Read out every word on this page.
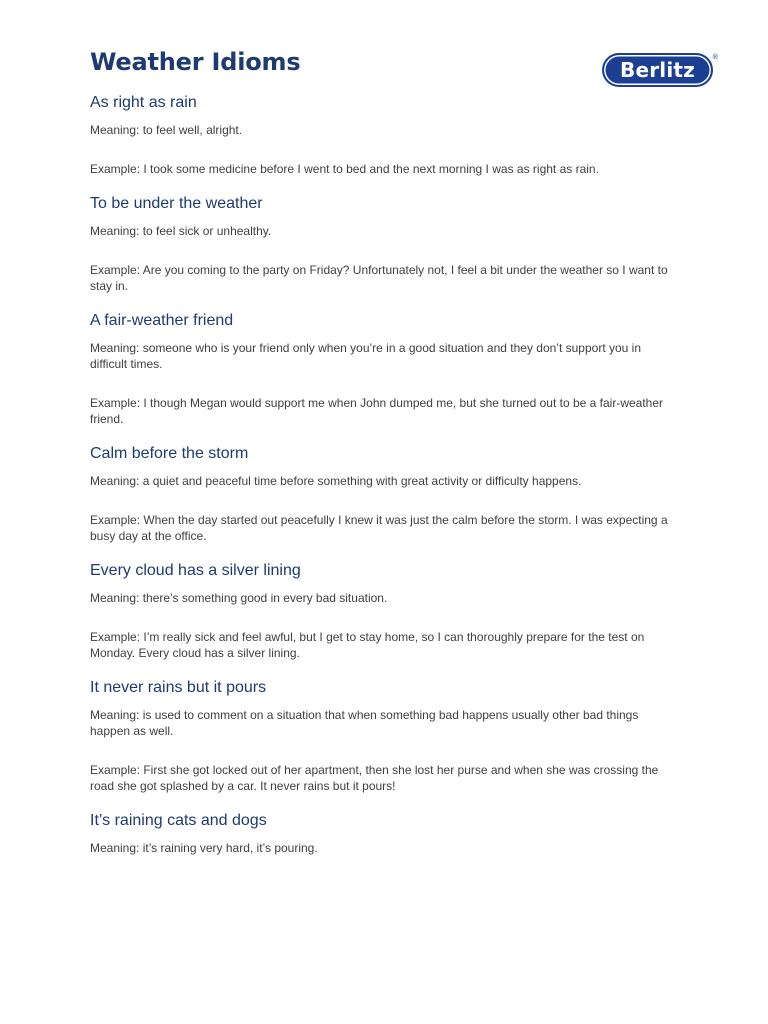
Weather Idioms	Berlitz
®
As right as rain

Meaning: to feel well, alright.

Example: I took some medicine before I went to bed and the next morning I was as right as rain.

To be under the weather

Meaning: to feel sick or unhealthy.

Example: Are you coming to the party on Friday? Unfortunately not, I feel a bit under the weather so I want to stay in.

A fair-weather friend

Meaning: someone who is your friend only when you’re in a good situation and they don’t support you in difficult times.

Example: I though Megan would support me when John dumped me, but she turned out to be a fair-weather friend.

Calm before the storm

Meaning: a quiet and peaceful time before something with great activity or difficulty happens.

Example: When the day started out peacefully I knew it was just the calm before the storm. I was expecting a busy day at the office.

Every cloud has a silver lining

Meaning: there’s something good in every bad situation.

Example: I’m really sick and feel awful, but I get to stay home, so I can thoroughly prepare for the test on Monday. Every cloud has a silver lining.

It never rains but it pours

Meaning: is used to comment on a situation that when something bad happens usually other bad things happen as well.

Example: First she got locked out of her apartment, then she lost her purse and when she was crossing the road she got splashed by a car. It never rains but it pours!

It’s raining cats and dogs

Meaning: it’s raining very hard, it’s pouring.
